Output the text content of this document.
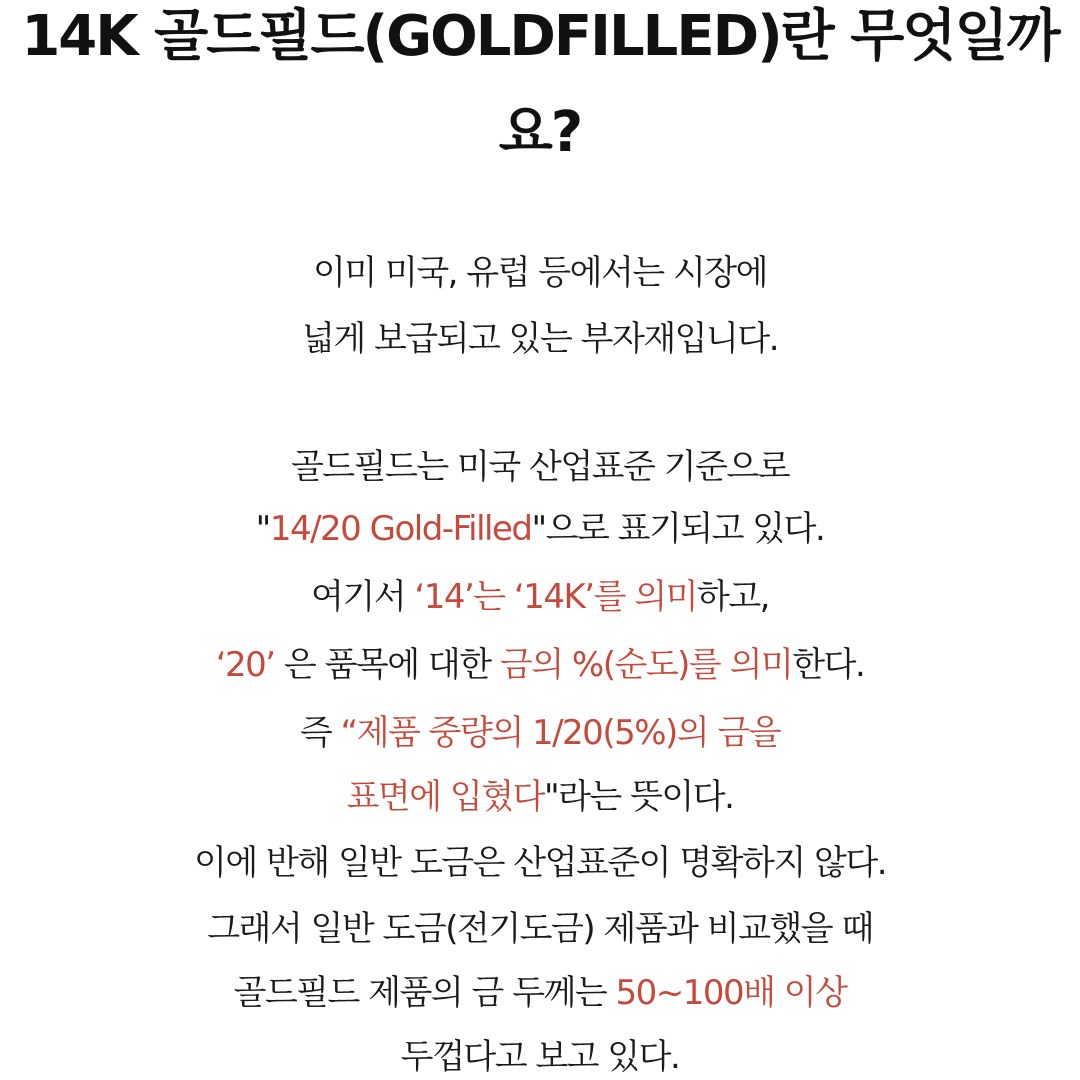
14K 골드필드(GOLDFILLED)란 무엇일까
요?
이미 미국, 유럽 등에서는 시장에
넓게 보급되고 있는 부자재입니다.
골드필드는 미국 산업표준 기준으로
"14/20 Gold-Filled"으로 표기되고 있다.
여기서 ‘14’는 ‘14K’를 의미하고,
‘20’ 은 품목에 대한 금의 %(순도)를 의미한다.
즉 “제품 중량의 1/20(5%)의 금을
표면에 입혔다"라는 뜻이다.
이에 반해 일반 도금은 산업표준이 명확하지 않다.
그래서 일반 도금(전기도금) 제품과 비교했을 때
골드필드 제품의 금 두께는 50~100배 이상
두껍다고 보고 있다.
